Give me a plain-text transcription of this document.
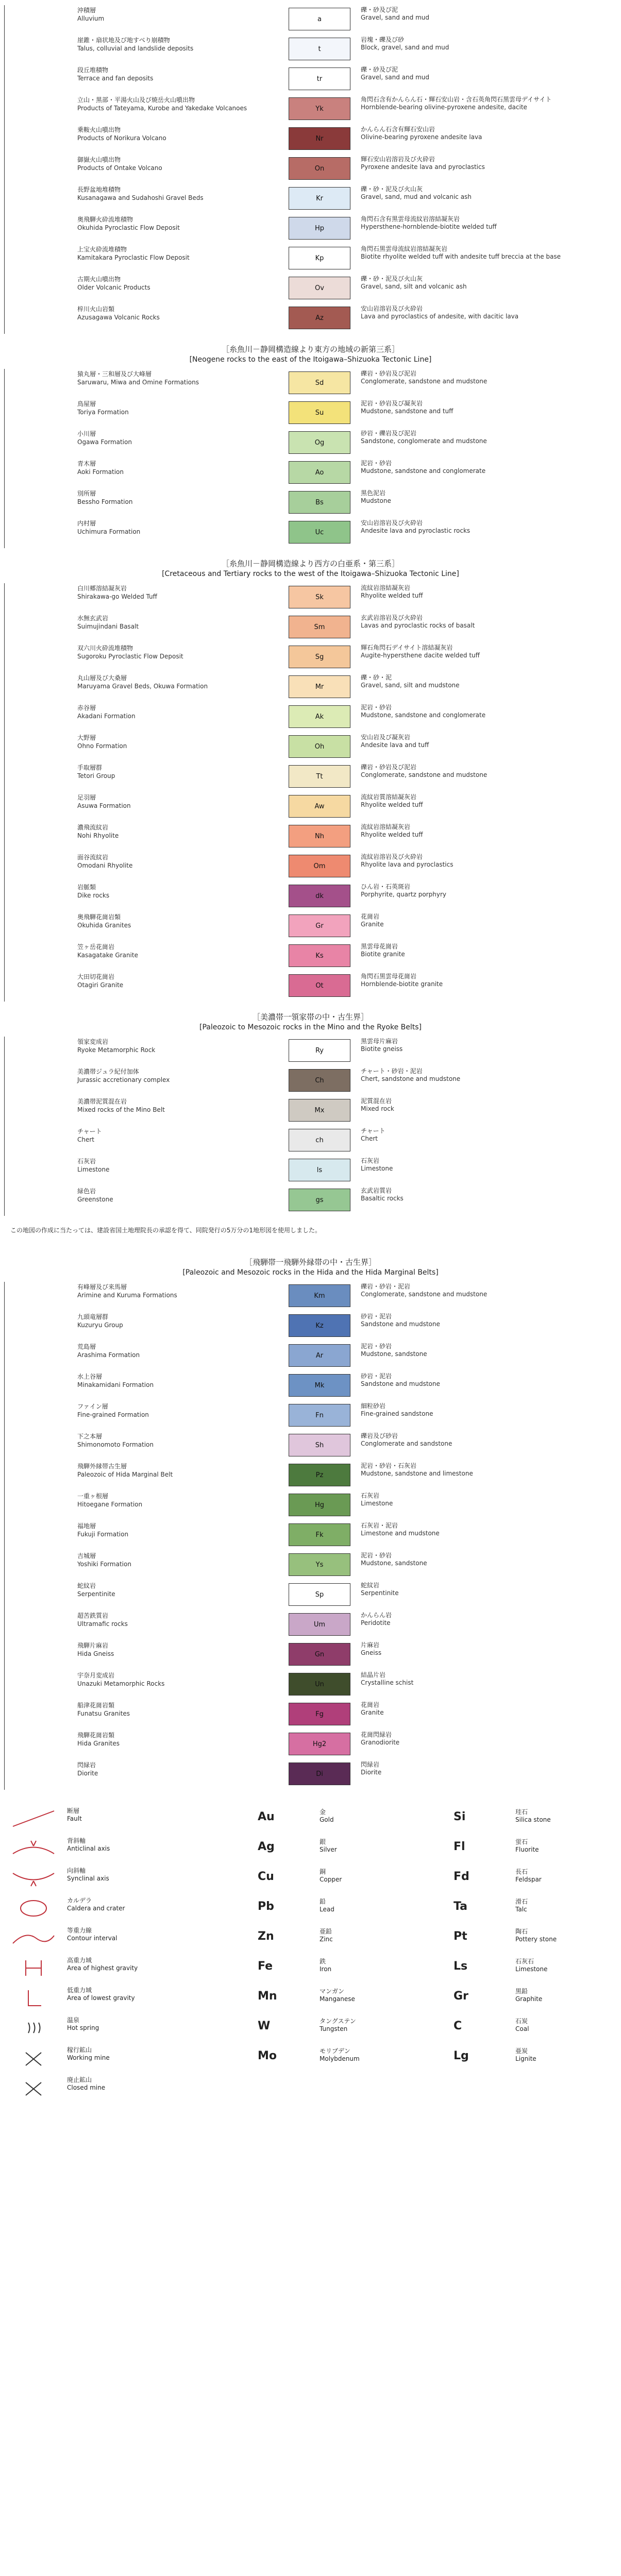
沖積層
Alluvium	a
礫・砂及び泥
Gravel, sand and mud
崖錐・扇状地及び地すべり崩積物
Talus, colluvial and landslide deposits	t
岩塊・礫及び砂
Block, gravel, sand and mud
段丘堆積物
Terrace and fan deposits	tr
礫・砂及び泥
Gravel, sand and mud
立山・黒部・平湯火山及び焼岳火山噴出物
Products of Tateyama, Kurobe and Yakedake Volcanoes	Yk
角閃石含有かんらん石・輝石安山岩・含石英角閃石黒雲母デイサイト
Hornblende-bearing olivine-pyroxene andesite, dacite
乗鞍火山噴出物
Products of Norikura Volcano	Nr
かんらん石含有輝石安山岩
Olivine-bearing pyroxene andesite lava
御嶽火山噴出物
Products of Ontake Volcano	On
輝石安山岩溶岩及び火砕岩
Pyroxene andesite lava and pyroclastics
長野盆地堆積物
Kusanagawa and Sudahoshi Gravel Beds	Kr
礫・砂・泥及び火山灰
Gravel, sand, mud and volcanic ash
奥飛騨火砕流堆積物
Okuhida Pyroclastic Flow Deposit	Hp
角閃石含有黒雲母流紋岩溶結凝灰岩
Hypersthene-hornblende-biotite welded tuff
上宝火砕流堆積物
Kamitakara Pyroclastic Flow Deposit	Kp
角閃石黒雲母流紋岩溶結凝灰岩
Biotite rhyolite welded tuff with andesite tuff breccia at the base
古期火山噴出物
Older Volcanic Products	Ov
礫・砂・泥及び火山灰
Gravel, sand, silt and volcanic ash
梓川火山岩類
Azusagawa Volcanic Rocks	Az
安山岩溶岩及び火砕岩
Lava and pyroclastics of andesite, with dacitic lava
［糸魚川－静岡構造線より東方の地域の新第三系］
[Neogene rocks to the east of the Itoigawa–Shizuoka Tectonic Line]
猿丸層・三和層及び大峰層
Saruwaru, Miwa and Omine Formations	Sd
礫岩・砂岩及び泥岩
Conglomerate, sandstone and mudstone
鳥屋層
Toriya Formation	Su
泥岩・砂岩及び凝灰岩
Mudstone, sandstone and tuff
小川層
Ogawa Formation	Og
砂岩・礫岩及び泥岩
Sandstone, conglomerate and mudstone
青木層
Aoki Formation	Ao
泥岩・砂岩
Mudstone, sandstone and conglomerate
別所層
Bessho Formation	Bs
黒色泥岩
Mudstone
内村層
Uchimura Formation	Uc
安山岩溶岩及び火砕岩
Andesite lava and pyroclastic rocks
［糸魚川－静岡構造線より西方の白亜系・第三系］
[Cretaceous and Tertiary rocks to the west of the Itoigawa–Shizuoka Tectonic Line]
白川郷溶結凝灰岩
Shirakawa-go Welded Tuff	Sk
流紋岩溶結凝灰岩
Rhyolite welded tuff
水無玄武岩
Suimujindani Basalt	Sm
玄武岩溶岩及び火砕岩
Lavas and pyroclastic rocks of basalt
双六川火砕流堆積物
Sugoroku Pyroclastic Flow Deposit	Sg
輝石角閃石デイサイト溶結凝灰岩
Augite-hypersthene dacite welded tuff
丸山層及び大桑層
Maruyama Gravel Beds, Okuwa Formation	Mr
礫・砂・泥
Gravel, sand, silt and mudstone
赤谷層
Akadani Formation	Ak
泥岩・砂岩
Mudstone, sandstone and conglomerate
大野層
Ohno Formation	Oh
安山岩及び凝灰岩
Andesite lava and tuff
手取層群
Tetori Group	Tt
礫岩・砂岩及び泥岩
Conglomerate, sandstone and mudstone
足羽層
Asuwa Formation	Aw
流紋岩質溶結凝灰岩
Rhyolite welded tuff
濃飛流紋岩
Nohi Rhyolite	Nh
流紋岩溶結凝灰岩
Rhyolite welded tuff
面谷流紋岩
Omodani Rhyolite	Om
流紋岩溶岩及び火砕岩
Rhyolite lava and pyroclastics
岩脈類
Dike rocks	dk
ひん岩・石英斑岩
Porphyrite, quartz porphyry
奥飛騨花崗岩類
Okuhida Granites	Gr
花崗岩
Granite
笠ヶ岳花崗岩
Kasagatake Granite	Ks
黒雲母花崗岩
Biotite granite
大田切花崗岩
Otagiri Granite	Ot
角閃石黒雲母花崗岩
Hornblende-biotite granite
［美濃帯一領家帯の中・古生界］
[Paleozoic to Mesozoic rocks in the Mino and the Ryoke Belts]
領家変成岩
Ryoke Metamorphic Rock	Ry
黒雲母片麻岩
Biotite gneiss
美濃帯ジュラ紀付加体
Jurassic accretionary complex	Ch
チャート・砂岩・泥岩
Chert, sandstone and mudstone
美濃帯泥質混在岩
Mixed rocks of the Mino Belt	Mx
泥質混在岩
Mixed rock
チャート
Chert	ch
チャート
Chert
石灰岩
Limestone	ls
石灰岩
Limestone
緑色岩
Greenstone	gs
玄武岩質岩
Basaltic rocks
この地図の作成に当たっては、建設省国土地理院長の承認を得て、同院発行の5万分の1地形図を使用しました。
［飛騨帯一飛騨外縁帯の中・古生界］
[Paleozoic and Mesozoic rocks in the Hida and the Hida Marginal Belts]
有峰層及び来馬層
Arimine and Kuruma Formations	Km
礫岩・砂岩・泥岩
Conglomerate, sandstone and mudstone
九頭竜層群
Kuzuryu Group	Kz
砂岩・泥岩
Sandstone and mudstone
荒島層
Arashima Formation	Ar
泥岩・砂岩
Mudstone, sandstone
水上谷層
Minakamidani Formation	Mk
砂岩・泥岩
Sandstone and mudstone
ファイン層
Fine-grained Formation	Fn
細粒砂岩
Fine-grained sandstone
下之本層
Shimonomoto Formation	Sh
礫岩及び砂岩
Conglomerate and sandstone
飛騨外縁帯古生層
Paleozoic of Hida Marginal Belt	Pz
泥岩・砂岩・石灰岩
Mudstone, sandstone and limestone
一重ヶ根層
Hitoegane Formation	Hg
石灰岩
Limestone
福地層
Fukuji Formation	Fk
石灰岩・泥岩
Limestone and mudstone
吉城層
Yoshiki Formation	Ys
泥岩・砂岩
Mudstone, sandstone
蛇紋岩
Serpentinite	Sp
蛇紋岩
Serpentinite
超苦鉄質岩
Ultramafic rocks	Um
かんらん岩
Peridotite
飛騨片麻岩
Hida Gneiss	Gn
片麻岩
Gneiss
宇奈月変成岩
Unazuki Metamorphic Rocks	Un
結晶片岩
Crystalline schist
船津花崗岩類
Funatsu Granites	Fg
花崗岩
Granite
飛騨花崗岩類
Hida Granites	Hg2
花崗閃緑岩
Granodiorite
閃緑岩
Diorite	Di
閃緑岩
Diorite
断層
Fault
背斜軸
Anticlinal axis
向斜軸
Synclinal axis
カルデラ
Caldera and crater
等重力線
Contour interval
高重力域
Area of highest gravity
低重力域
Area of lowest gravity
温泉
Hot spring
稼行鉱山
Working mine
廃止鉱山
Closed mine
Au	金
Gold
Ag	銀
Silver
Cu	銅
Copper
Pb	鉛
Lead
Zn	亜鉛
Zinc
Fe	鉄
Iron
Mn	マンガン
Manganese
W	タングステン
Tungsten
Mo	モリブデン
Molybdenum
Si	珪石
Silica stone
Fl	蛍石
Fluorite
Fd	長石
Feldspar
Ta	滑石
Talc
Pt	陶石
Pottery stone
Ls	石灰石
Limestone
Gr	黒鉛
Graphite
C	石炭
Coal
Lg	亜炭
Lignite
